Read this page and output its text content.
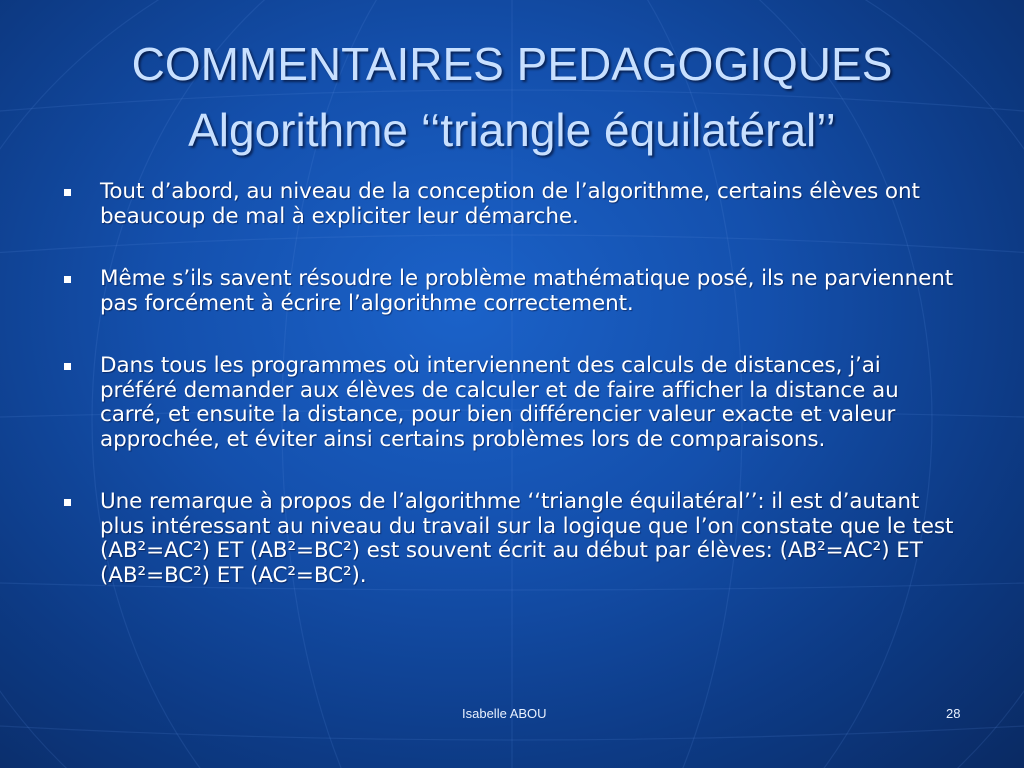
COMMENTAIRES PEDAGOGIQUES
Algorithme ‘‘triangle équilatéral’’
Tout d’abord, au niveau de la conception de l’algorithme, certains élèves ont beaucoup de mal à expliciter leur démarche.
Même s’ils savent résoudre le problème mathématique posé, ils ne parviennent pas forcément à écrire l’algorithme correctement.
Dans tous les programmes où interviennent des calculs de distances, j’ai préféré demander aux élèves de calculer et de faire afficher la distance au carré, et ensuite la distance, pour bien différencier valeur exacte et valeur approchée, et éviter ainsi certains problèmes lors de comparaisons.
Une remarque à propos de l’algorithme ‘‘triangle équilatéral’’: il est d’autant plus intéressant au niveau du travail sur la logique que l’on constate que le test (AB²=AC²) ET (AB²=BC²) est souvent écrit au début par élèves: (AB²=AC²) ET (AB²=BC²) ET (AC²=BC²).
Isabelle ABOU	28
